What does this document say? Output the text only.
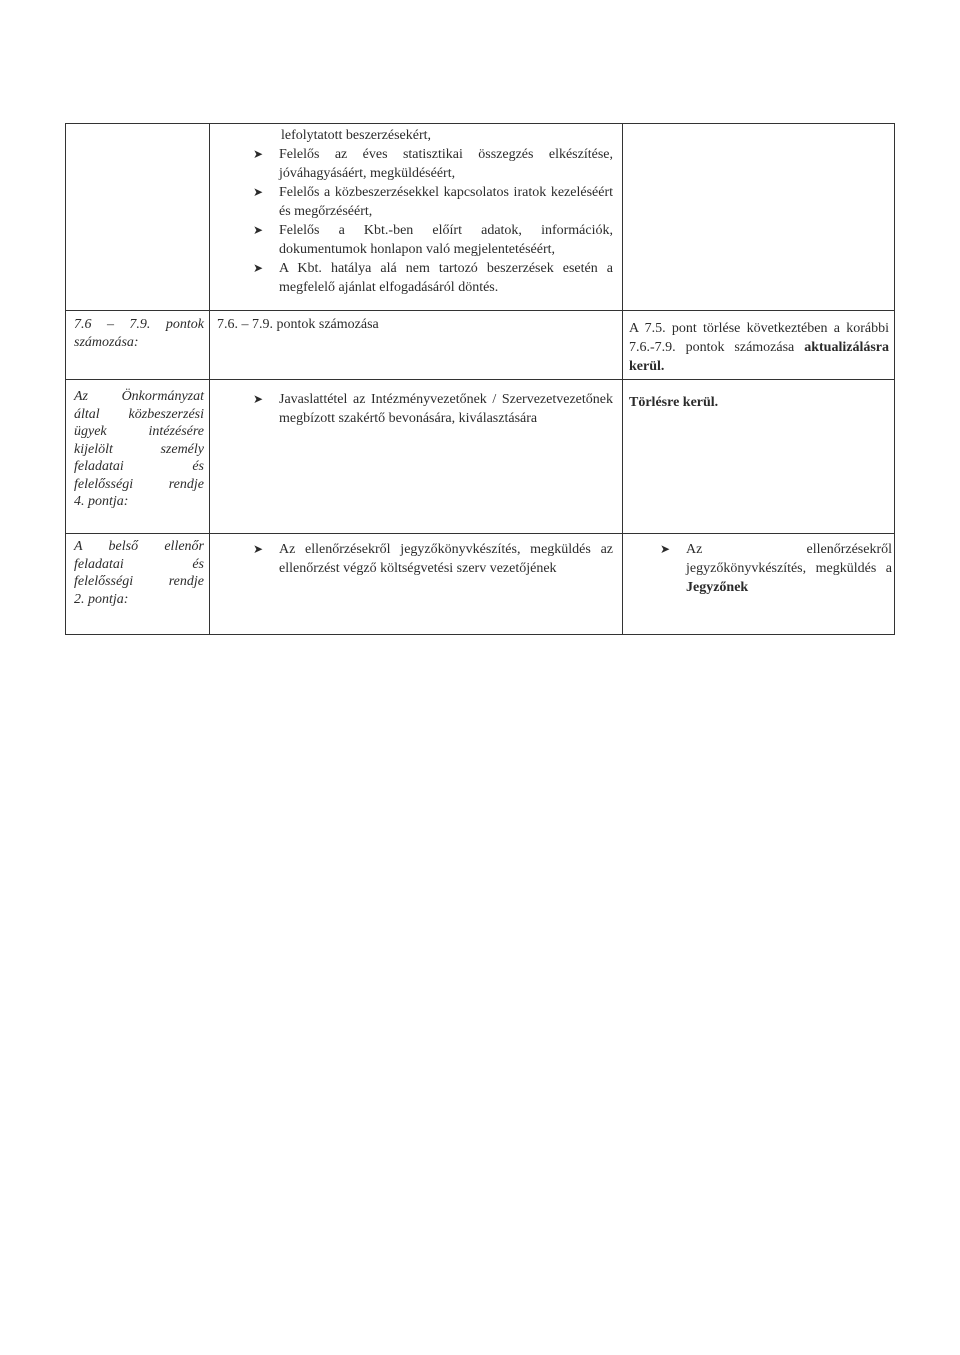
lefolytatott beszerzésekért,
➤ Felelős az éves statisztikai összegzés elkészítése, jóváhagyásáért, megküldéséért,
➤ Felelős a közbeszerzésekkel kapcsolatos iratok kezeléséért és megőrzéséért,
➤ Felelős a Kbt.-ben előírt adatok, információk, dokumentumok honlapon való megjelentetéséért,
➤ A Kbt. hatálya alá nem tartozó beszerzések esetén a megfelelő ajánlat elfogadásáról döntés.
7.6 – 7.9. pontok
számozása:
7.6. – 7.9. pontok számozása	A 7.5. pont törlése következtében a korábbi 7.6.-7.9. pontok számozása aktualizálásra kerül.
Az Önkormányzat
által közbeszerzési
ügyek intézésére
kijelölt személy
feladatai és
felelősségi rendje
4. pontja:
➤ Javaslattétel az Intézményvezetőnek / Szervezetvezetőnek megbízott szakértő bevonására, kiválasztására
Törlésre kerül.
A belső ellenőr
feladatai és
felelősségi rendje
2. pontja:
➤ Az ellenőrzésekről jegyzőkönyvkészítés, megküldés az ellenőrzést végző költségvetési szerv vezetőjének
➤ Az ellenőrzésekről jegyzőkönyvkészítés, megküldés a Jegyzőnek
